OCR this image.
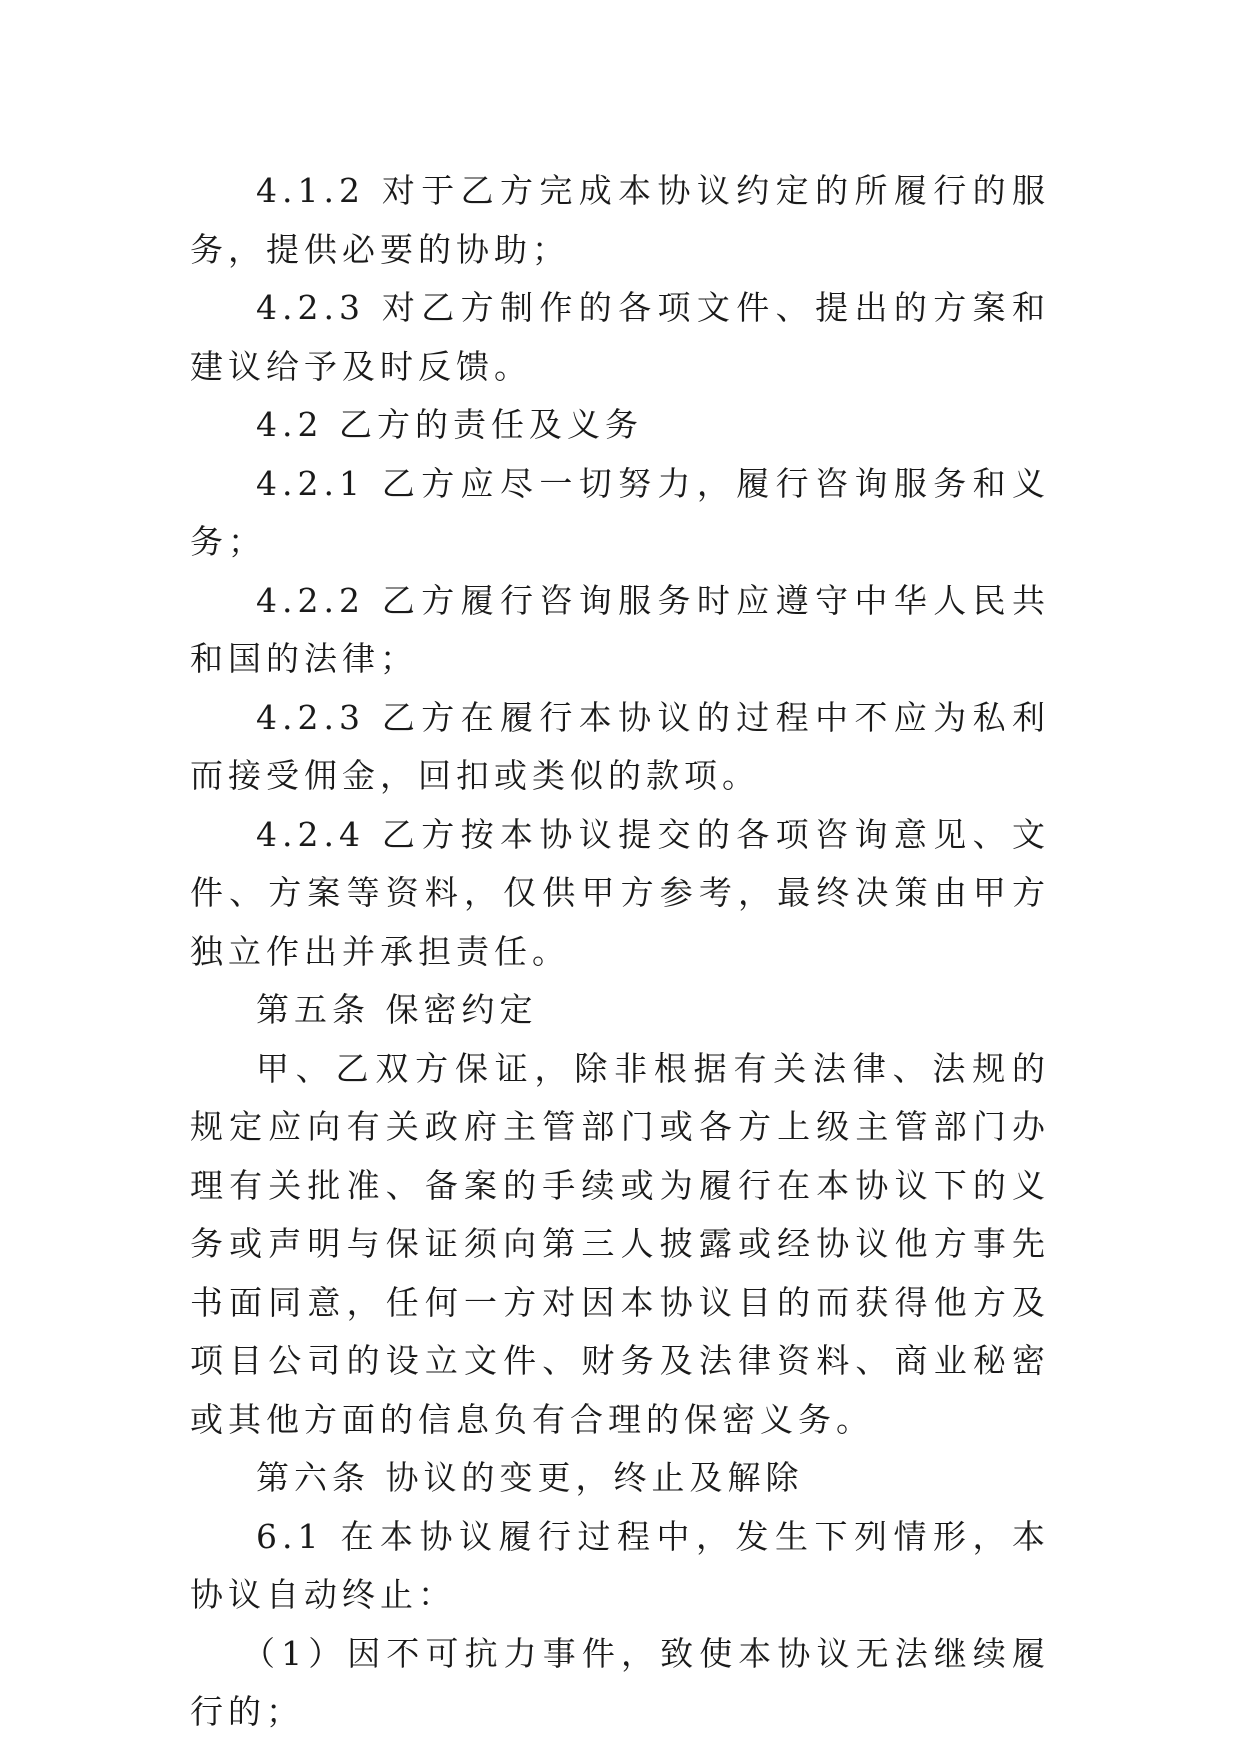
4.1.2 对于乙方完成本协议约定的所履行的服务，提供必要的协助；

4.2.3 对乙方制作的各项文件、提出的方案和建议给予及时反馈。

4.2 乙方的责任及义务

4.2.1 乙方应尽一切努力，履行咨询服务和义务；

4.2.2 乙方履行咨询服务时应遵守中华人民共和国的法律；

4.2.3 乙方在履行本协议的过程中不应为私利而接受佣金，回扣或类似的款项。

4.2.4 乙方按本协议提交的各项咨询意见、文件、方案等资料，仅供甲方参考，最终决策由甲方独立作出并承担责任。

第五条 保密约定

甲、乙双方保证，除非根据有关法律、法规的规定应向有关政府主管部门或各方上级主管部门办理有关批准、备案的手续或为履行在本协议下的义务或声明与保证须向第三人披露或经协议他方事先书面同意，任何一方对因本协议目的而获得他方及项目公司的设立文件、财务及法律资料、商业秘密或其他方面的信息负有合理的保密义务。

第六条 协议的变更，终止及解除

6.1 在本协议履行过程中，发生下列情形，本协议自动终止：

（1）因不可抗力事件，致使本协议无法继续履行的；
